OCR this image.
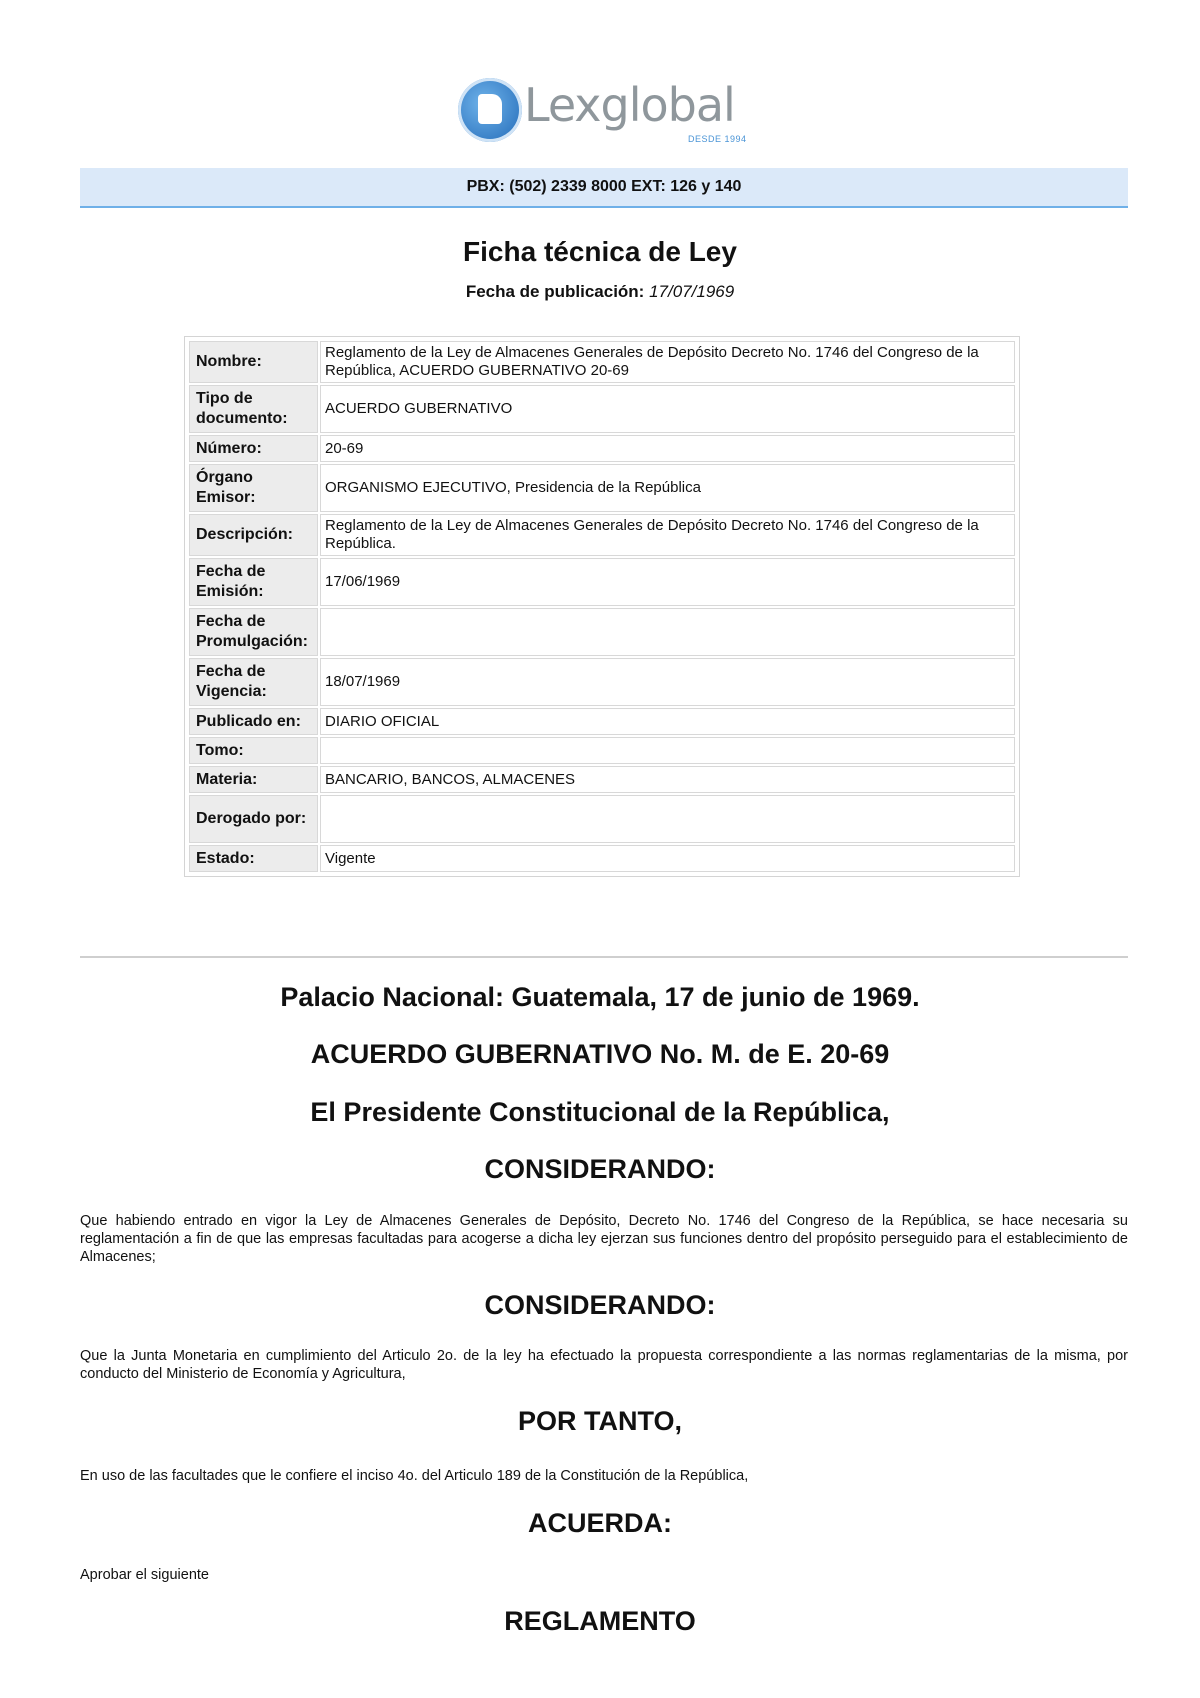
Lexglobal
DESDE 1994
PBX: (502) 2339 8000 EXT: 126 y 140
Ficha técnica de Ley
Fecha de publicación: 17/07/1969
Nombre:	Reglamento de la Ley de Almacenes Generales de Depósito Decreto No. 1746 del Congreso de la República, ACUERDO GUBERNATIVO 20-69
Tipo de documento:	ACUERDO GUBERNATIVO
Número:	20-69
Órgano Emisor:	ORGANISMO EJECUTIVO, Presidencia de la República
Descripción:	Reglamento de la Ley de Almacenes Generales de Depósito Decreto No. 1746 del Congreso de la República.
Fecha de Emisión:	17/06/1969
Fecha de Promulgación:	
Fecha de Vigencia:	18/07/1969
Publicado en:	DIARIO OFICIAL
Tomo:	
Materia:	BANCARIO, BANCOS, ALMACENES
Derogado por:	
Estado:	Vigente
Palacio Nacional: Guatemala, 17 de junio de 1969.
ACUERDO GUBERNATIVO No. M. de E. 20-69
El Presidente Constitucional de la República,
CONSIDERANDO:
Que habiendo entrado en vigor la Ley de Almacenes Generales de Depósito, Decreto No. 1746 del Congreso de la República, se hace necesaria su reglamentación a fin de que las empresas facultadas para acogerse a dicha ley ejerzan sus funciones dentro del propósito perseguido para el establecimiento de Almacenes;
CONSIDERANDO:
Que la Junta Monetaria en cumplimiento del Articulo 2o. de la ley ha efectuado la propuesta correspondiente a las normas reglamentarias de la misma, por conducto del Ministerio de Economía y Agricultura,
POR TANTO,
En uso de las facultades que le confiere el inciso 4o. del Articulo 189 de la Constitución de la República,
ACUERDA:
Aprobar el siguiente
REGLAMENTO
